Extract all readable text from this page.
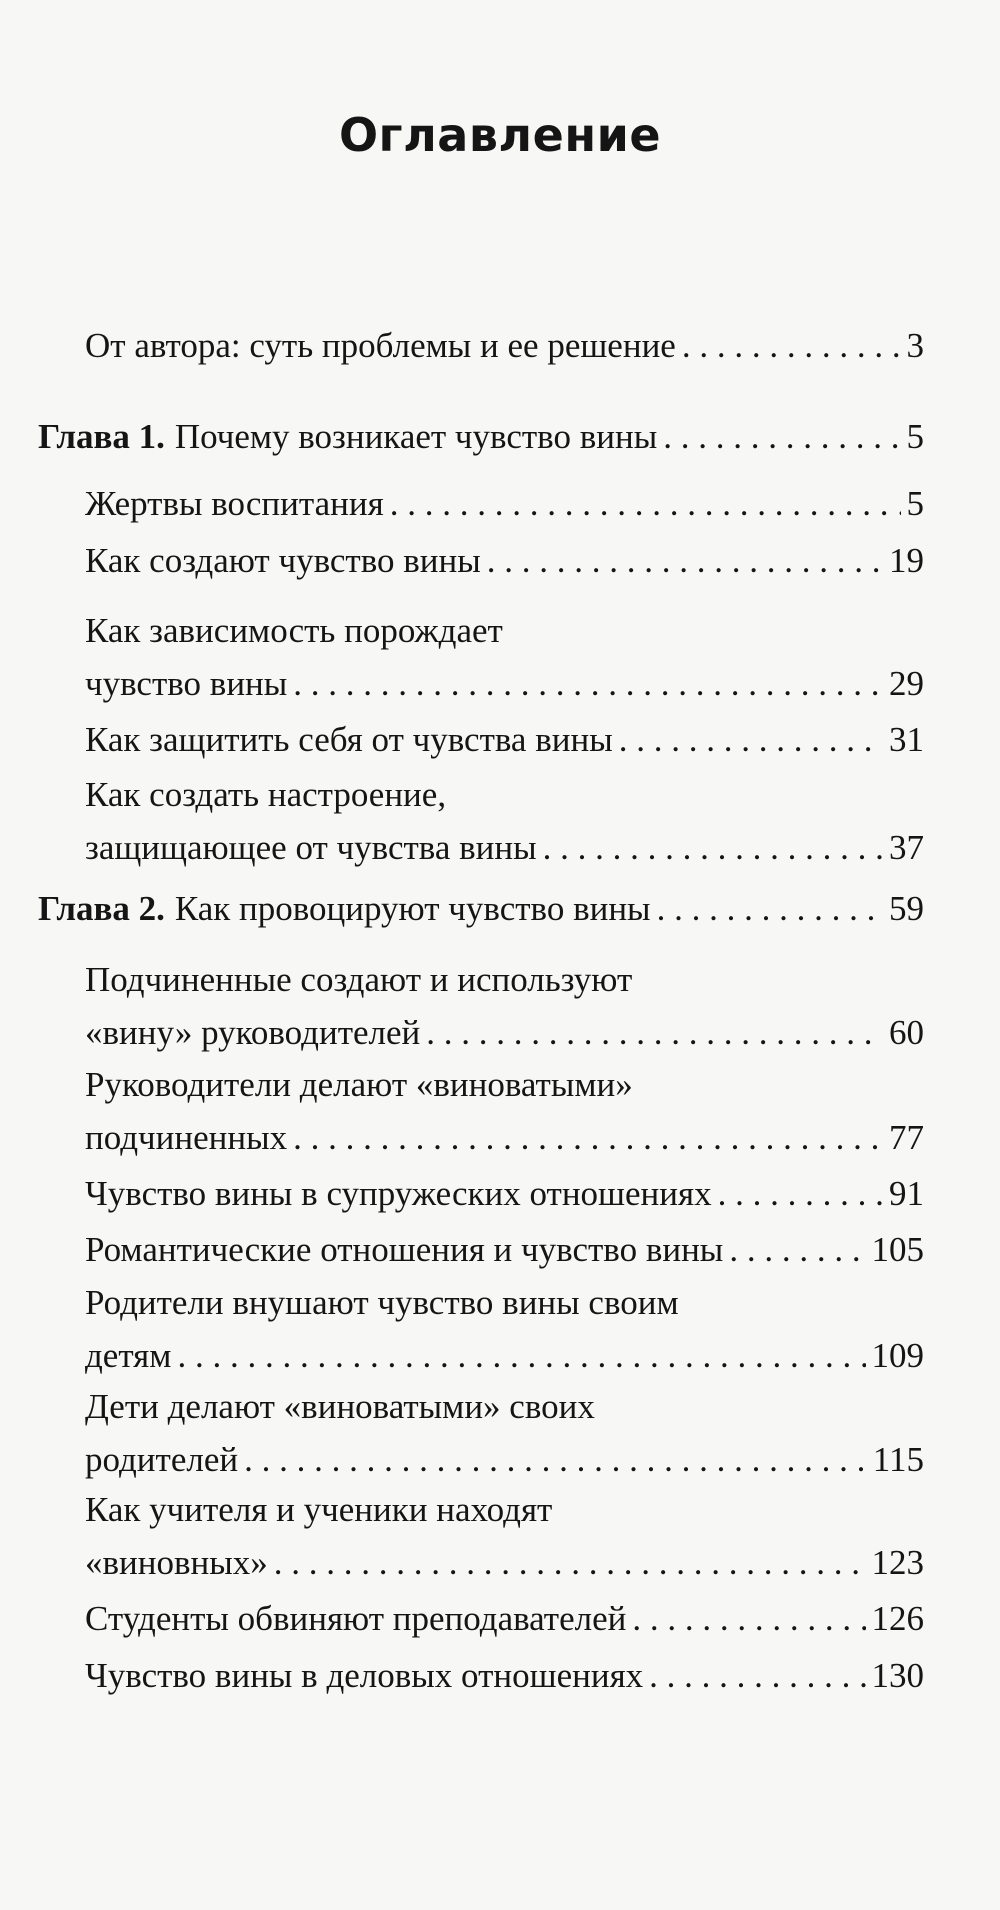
Оглавление
От автора: суть проблемы и ее решение . . .	3
Глава 1. Почему возникает чувство вины . . .	5
Жертвы воспитания . . .	5
Как создают чувство вины . . .	19
Как зависимость порождает
чувство вины . . .	29
Как защитить себя от чувства вины . . .	31
Как создать настроение,
защищающее от чувства вины . . .	37
Глава 2. Как провоцируют чувство вины . . .	59
Подчиненные создают и используют
«вину» руководителей . . .	60
Руководители делают «виноватыми»
подчиненных . . .	77
Чувство вины в супружеских отношениях . . .	91
Романтические отношения и чувство вины . . .	105
Родители внушают чувство вины своим
детям . . .	109
Дети делают «виноватыми» своих
родителей . . .	115
Как учителя и ученики находят
«виновных» . . .	123
Студенты обвиняют преподавателей . . .	126
Чувство вины в деловых отношениях . . .	130
